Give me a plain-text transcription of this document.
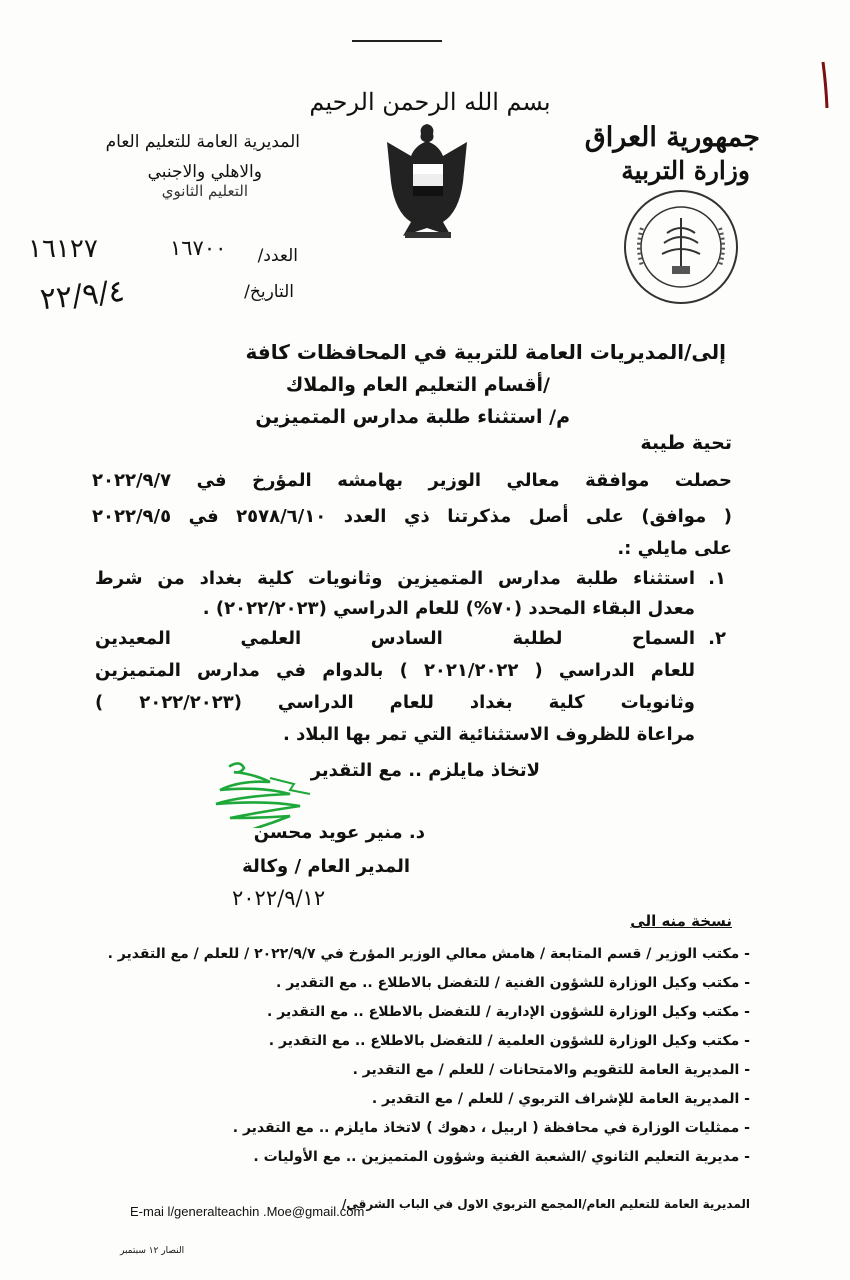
بسم الله الرحمن الرحيم
جمهورية العراق
وزارة التربية
المديرية العامة للتعليم العام
والاهلي والاجنبي
التعليم الثانوي
العدد/
١٦٧٠٠
١٦١٢٧
التاريخ/
٢٢/٩/٤
إلى/المديريات العامة للتربية في المحافظات كافة
/أقسام التعليم العام والملاك
م/ استثناء طلبة مدارس المتميزين
تحية طيبة
حصلت موافقة معالي الوزير بهامشه المؤرخ في ٢٠٢٢/٩/٧
( موافق) على أصل مذكرتنا ذي العدد ٢٥٧٨/٦/١٠ في ٢٠٢٢/٩/٥
على مايلي :.
.١
استثناء طلبة مدارس المتميزين وثانويات كلية بغداد من شرط
معدل البقاء المحدد (٧٠%) للعام الدراسي (٢٠٢٢/٢٠٢٣) .
.٢
السماح لطلبة السادس العلمي المعيدين
للعام الدراسي ( ٢٠٢١/٢٠٢٢ ) بالدوام في مدارس المتميزين
وثانويات كلية بغداد للعام الدراسي (٢٠٢٢/٢٠٢٣ )
مراعاة للظروف الاستثنائية التي تمر بها البلاد .
لاتخاذ مايلزم .. مع التقدير
د. منير عويد محسن
المدير العام / وكالة
٢٠٢٢/٩/١٢
نسخة منه الى
- مكتب الوزير / قسم المتابعة / هامش معالي الوزير المؤرخ في ٢٠٢٢/٩/٧ / للعلم / مع التقدير .
- مكتب وكيل الوزارة للشؤون الفنية / للتفضل بالاطلاع .. مع التقدير .
- مكتب وكيل الوزارة للشؤون الإدارية / للتفضل بالاطلاع .. مع التقدير .
- مكتب وكيل الوزارة للشؤون العلمية / للتفضل بالاطلاع .. مع التقدير .
- المديرية العامة للتقويم والامتحانات / للعلم / مع التقدير .
- المديرية العامة للإشراف التربوي / للعلم / مع التقدير .
- ممثليات الوزارة في محافظة ( اربيل ، دهوك ) لاتخاذ مايلزم .. مع التقدير .
- مديرية التعليم الثانوي /الشعبة الفنية وشؤون المتميزين .. مع الأوليات .
المديرية العامة للتعليم العام/المجمع التربوي الاول في الباب الشرقي/
E-mai l/generalteachin .Moe@gmail.com
النصار ١٢ سبتمبر
